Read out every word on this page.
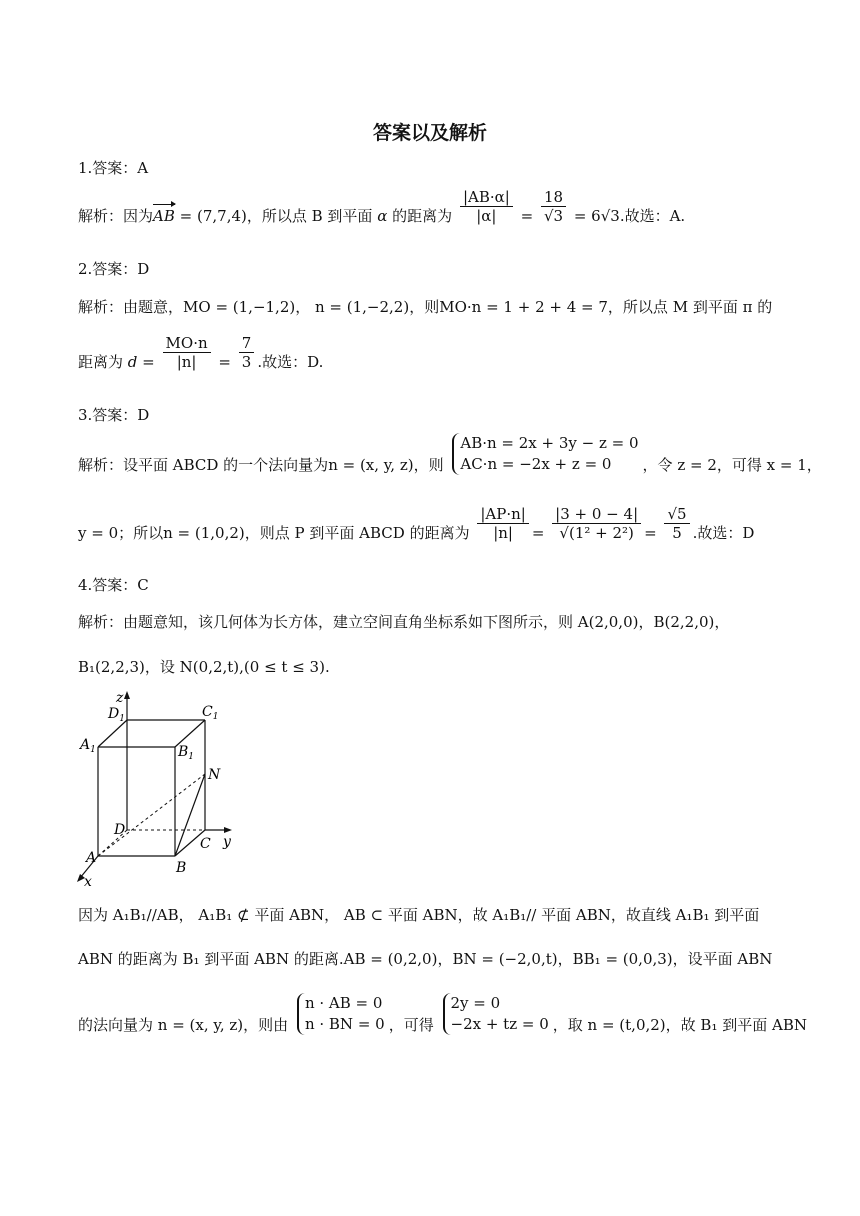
答案以及解析
1.答案：A
解析：因为AB = (7,7,4)，所以点 B 到平面 α 的距离为 $\frac{|AB\cdot\alpha|}{|\alpha|} = \frac{18}{√3} = 6√3$.故选：A.
2.答案：D
解析：由题意，MO = (1,−1,2)， n = (1,−2,2)，则MO·n = 1 + 2 + 4 = 7，所以点 M 到平面 π 的
距离为 $d = \frac{MO\cdot n}{|n|} = \frac{7}{3}$ .故选：D.
3.答案：D
解析：设平面 ABCD 的一个法向量为n = (x, y, z)，则
AB·n = 2x + 3y − z = 0
AC·n = −2x + z = 0	，令 z = 2，可得 x = 1，
y = 0；所以n = (1,0,2)，则点 P 到平面 ABCD 的距离为 $\frac{|AP\cdot n|}{|n|} = \frac{|3 + 0 - 4|}{\text{√(1² + 2²)}} = \frac{√5}{5}$ .故选：D
4.答案：C
解析：由题意知，该几何体为长方体，建立空间直角坐标系如下图所示，则 A(2,0,0)，B(2,2,0)，
B₁(2,2,3)，设 N(0,2,t),(0 ≤ t ≤ 3).
z
$D_1$	$C_1$
$A_1$	$B_1$
N
D
C y
A
B
x
因为 A₁B₁//AB， A₁B₁ ⊄ 平面 ABN， AB ⊂ 平面 ABN，故 A₁B₁// 平面 ABN，故直线 A₁B₁ 到平面
ABN 的距离为 B₁ 到平面 ABN 的距离.AB = (0,2,0)，BN = (−2,0,t)，BB₁ = (0,0,3)，设平面 ABN
的法向量为 n = (x, y, z)，则由
n · AB = 0
n · BN = 0 ，可得
2y = 0
−2x + tz = 0 ，取 n = (t,0,2)，故 B₁ 到平面 ABN
